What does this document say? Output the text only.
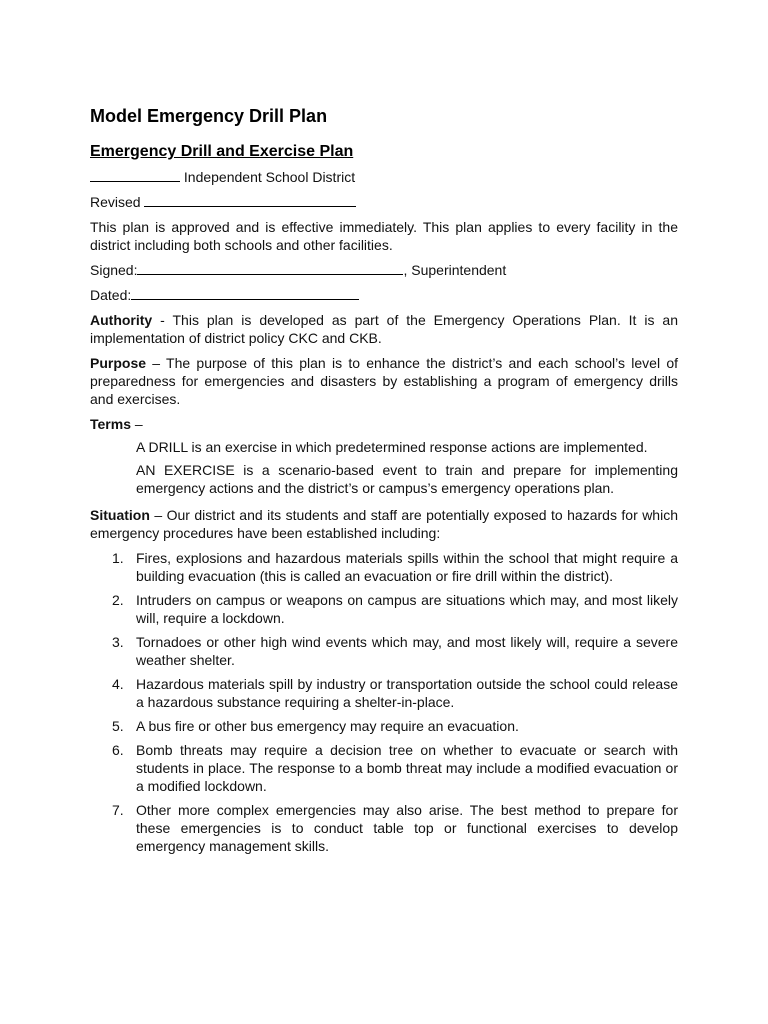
Model Emergency Drill Plan
Emergency Drill and Exercise Plan
Independent School District
Revised

This plan is approved and is effective immediately. This plan applies to every facility in the district including both schools and other facilities.

Signed:	, Superintendent
Dated:

Authority - This plan is developed as part of the Emergency Operations Plan. It is an implementation of district policy CKC and CKB.

Purpose – The purpose of this plan is to enhance the district’s and each school’s level of preparedness for emergencies and disasters by establishing a program of emergency drills and exercises.

Terms –

A DRILL is an exercise in which predetermined response actions are implemented.

AN EXERCISE is a scenario-based event to train and prepare for implementing emergency actions and the district’s or campus’s emergency operations plan.

Situation – Our district and its students and staff are potentially exposed to hazards for which emergency procedures have been established including:

1. Fires, explosions and hazardous materials spills within the school that might require a building evacuation (this is called an evacuation or fire drill within the district).
2. Intruders on campus or weapons on campus are situations which may, and most likely will, require a lockdown.
3. Tornadoes or other high wind events which may, and most likely will, require a severe weather shelter.
4. Hazardous materials spill by industry or transportation outside the school could release a hazardous substance requiring a shelter-in-place.
5. A bus fire or other bus emergency may require an evacuation.
6. Bomb threats may require a decision tree on whether to evacuate or search with students in place. The response to a bomb threat may include a modified evacuation or a modified lockdown.
7. Other more complex emergencies may also arise. The best method to prepare for these emergencies is to conduct table top or functional exercises to develop emergency management skills.
